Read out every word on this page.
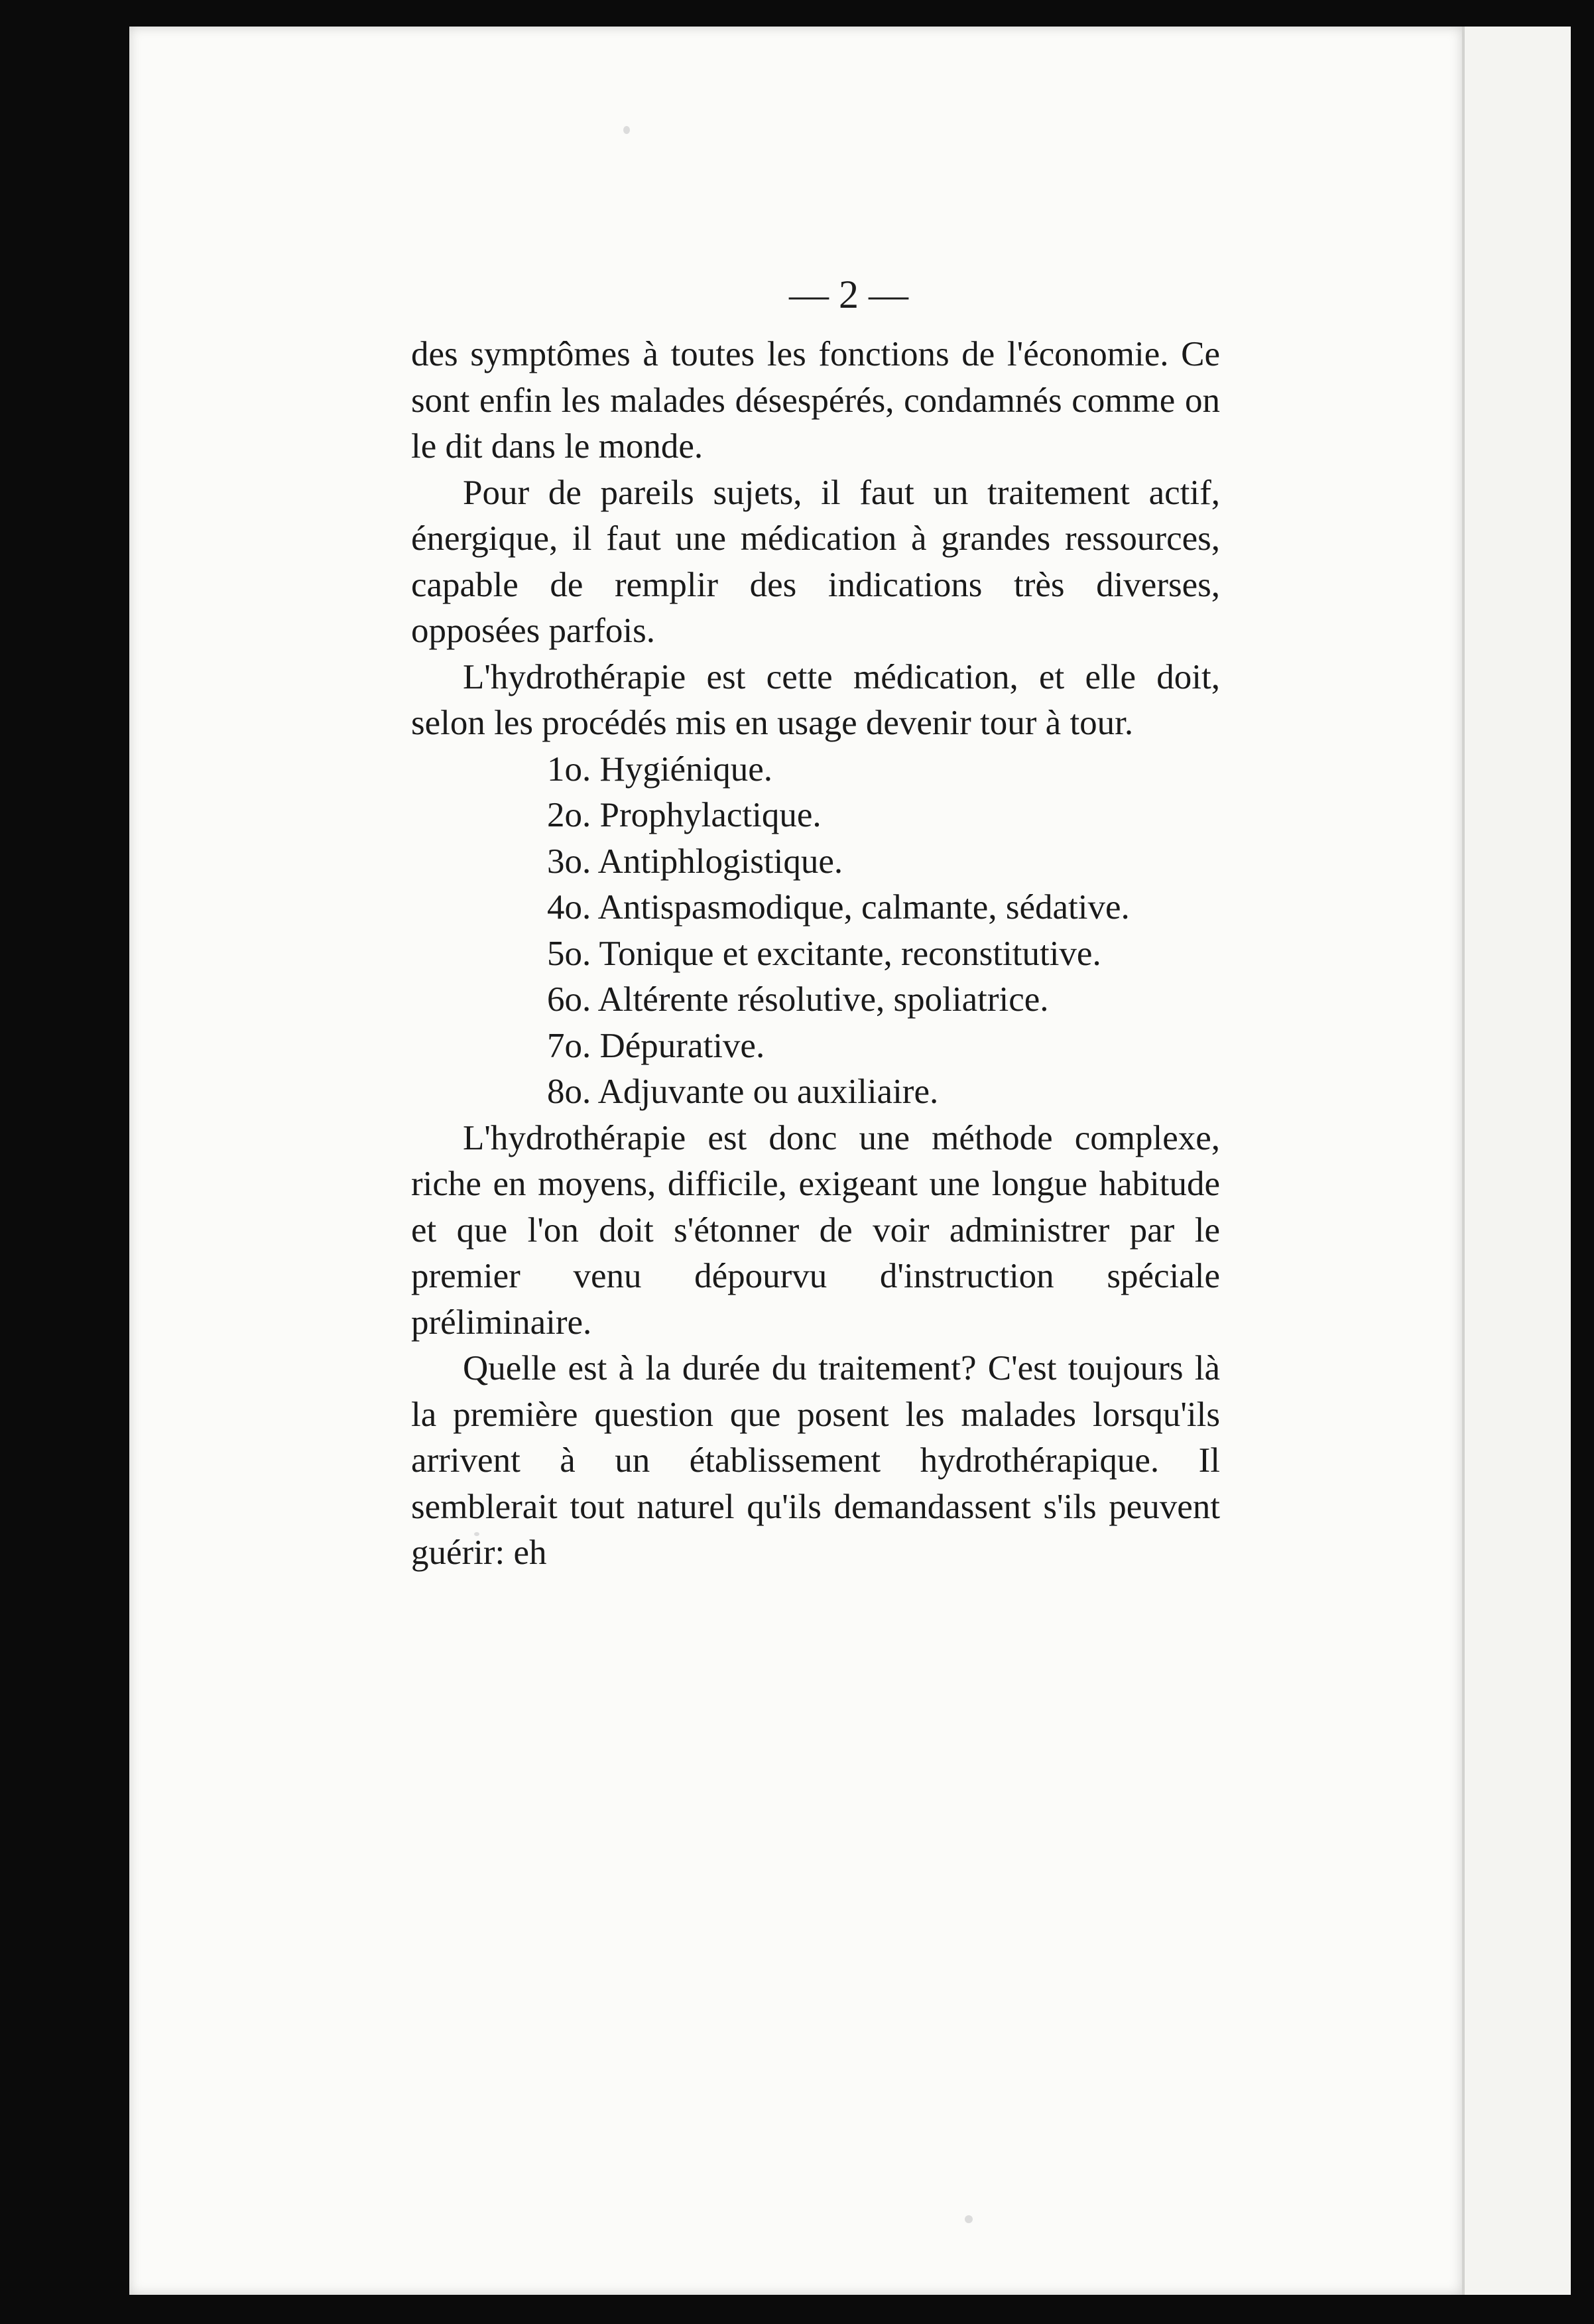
— 2 —

des symptômes à toutes les fonctions de l'économie. Ce sont enfin les malades désespérés, condamnés comme on le dit dans le monde.

Pour de pareils sujets, il faut un traitement actif, énergique, il faut une médication à grandes ressources, capable de remplir des indications très diverses, opposées parfois.

L'hydrothérapie est cette médication, et elle doit, selon les procédés mis en usage devenir tour à tour.

1o. Hygiénique.
2o. Prophylactique.
3o. Antiphlogistique.
4o. Antispasmodique, calmante, sédative.
5o. Tonique et excitante, reconstitutive.
6o. Altérente résolutive, spoliatrice.
7o. Dépurative.
8o. Adjuvante ou auxiliaire.

L'hydrothérapie est donc une méthode complexe, riche en moyens, difficile, exigeant une longue habitude et que l'on doit s'étonner de voir administrer par le premier venu dépourvu d'instruction spéciale préliminaire.

Quelle est à la durée du traitement? C'est toujours là la première question que posent les malades lorsqu'ils arrivent à un établissement hydrothérapique. Il semblerait tout naturel qu'ils demandassent s'ils peuvent guérir: eh
